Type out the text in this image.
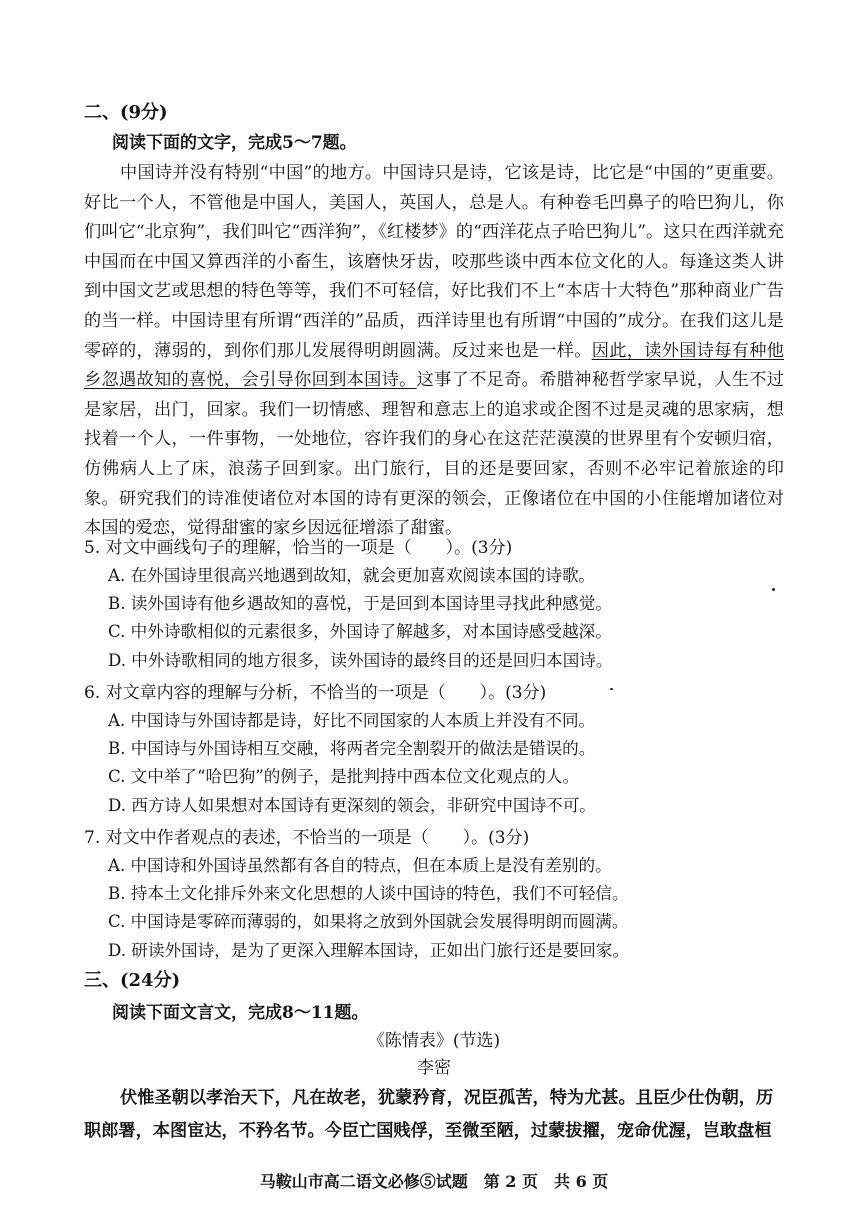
二、(9分)
阅读下面的文字，完成5～7题。

中国诗并没有特别“中国”的地方。中国诗只是诗，它该是诗，比它是“中国的”更重要。好比一个人，不管他是中国人，美国人，英国人，总是人。有种卷毛凹鼻子的哈巴狗儿，你们叫它“北京狗”，我们叫它“西洋狗”，《红楼梦》的“西洋花点子哈巴狗儿”。这只在西洋就充中国而在中国又算西洋的小畜生，该磨快牙齿，咬那些谈中西本位文化的人。每逢这类人讲到中国文艺或思想的特色等等，我们不可轻信，好比我们不上“本店十大特色”那种商业广告的当一样。中国诗里有所谓“西洋的”品质，西洋诗里也有所谓“中国的”成分。在我们这儿是零碎的，薄弱的，到你们那儿发展得明朗圆满。反过来也是一样。因此，读外国诗每有种他乡忽遇故知的喜悦，会引导你回到本国诗。这事了不足奇。希腊神秘哲学家早说，人生不过是家居，出门，回家。我们一切情感、理智和意志上的追求或企图不过是灵魂的思家病，想找着一个人，一件事物，一处地位，容许我们的身心在这茫茫漠漠的世界里有个安顿归宿，仿佛病人上了床，浪荡子回到家。出门旅行，目的还是要回家，否则不必牢记着旅途的印象。研究我们的诗准使诸位对本国的诗有更深的领会，正像诸位在中国的小住能增加诸位对本国的爱恋，觉得甜蜜的家乡因远征增添了甜蜜。

5. 对文中画线句子的理解，恰当的一项是（　　）。(3分)
A. 在外国诗里很高兴地遇到故知，就会更加喜欢阅读本国的诗歌。
B. 读外国诗有他乡遇故知的喜悦，于是回到本国诗里寻找此种感觉。
C. 中外诗歌相似的元素很多，外国诗了解越多，对本国诗感受越深。
D. 中外诗歌相同的地方很多，读外国诗的最终目的还是回归本国诗。
6. 对文章内容的理解与分析，不恰当的一项是（　　）。(3分)
A. 中国诗与外国诗都是诗，好比不同国家的人本质上并没有不同。
B. 中国诗与外国诗相互交融，将两者完全割裂开的做法是错误的。
C. 文中举了“哈巴狗”的例子，是批判持中西本位文化观点的人。
D. 西方诗人如果想对本国诗有更深刻的领会，非研究中国诗不可。
7. 对文中作者观点的表述，不恰当的一项是（　　）。(3分)
A. 中国诗和外国诗虽然都有各自的特点，但在本质上是没有差别的。
B. 持本土文化排斥外来文化思想的人谈中国诗的特色，我们不可轻信。
C. 中国诗是零碎而薄弱的，如果将之放到外国就会发展得明朗而圆满。
D. 研读外国诗，是为了更深入理解本国诗，正如出门旅行还是要回家。
三、(24分)
阅读下面文言文，完成8～11题。
《陈情表》(节选)
李密

伏惟圣朝以孝治天下，凡在故老，犹蒙矜育，况臣孤苦，特为尤甚。且臣少仕伪朝，历
职郎署，本图宦达，不矜名节。今臣亡国贱俘，至微至陋，过蒙拔擢，宠命优渥，岂敢盘桓

马鞍山市高二语文必修⑤试题　第 2 页　共 6 页
